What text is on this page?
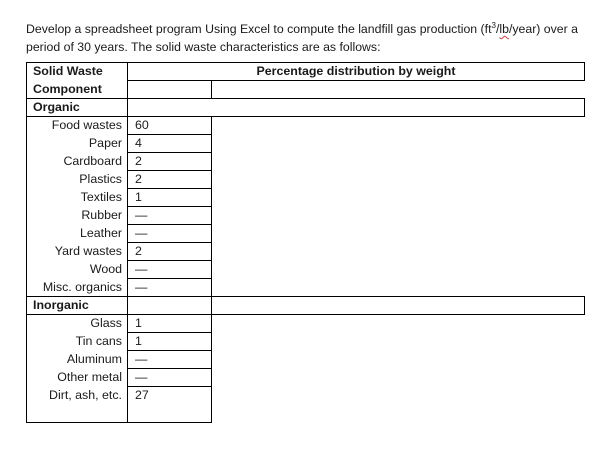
Develop a spreadsheet program Using Excel to compute the landfill gas production $(ft^3/lb/year)$ over a period of 30 years. The solid waste characteristics are as follows:
Solid Waste
Component
Percentage distribution by weight
Organic
Inorganic
Food wastes 60
Paper 4
Cardboard 2
Plastics 2
Textiles 1
Rubber —
Leather —
Yard wastes 2
Wood —
Misc. organics —
Glass 1
Tin cans 1
Aluminum —
Other metal —
Dirt, ash, etc. 27
